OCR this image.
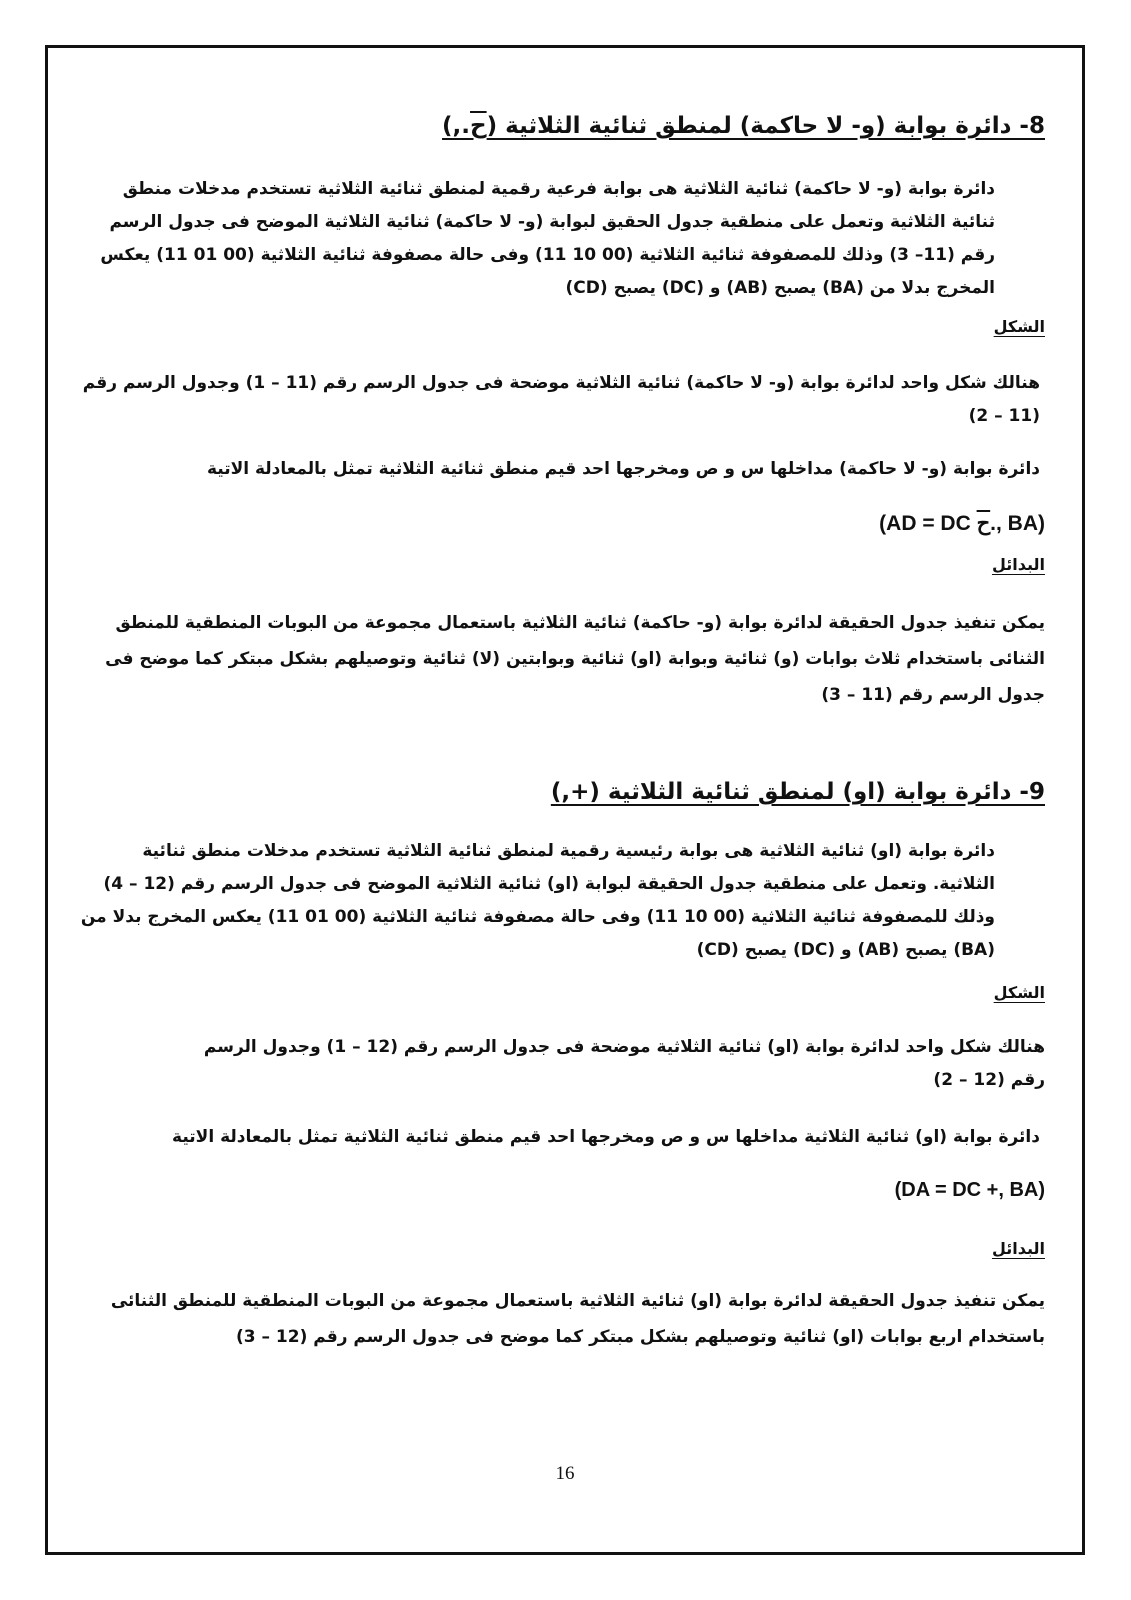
8- دائرة بوابة (و- لا حاكمة) لمنطق ثنائية الثلاثية (ح.,)

دائرة بوابة (و- لا حاكمة) ثنائية الثلاثية هى بوابة فرعية رقمية لمنطق ثنائية الثلاثية تستخدم مدخلات منطق ثنائية الثلاثية وتعمل على منطقية جدول الحقيق لبوابة (و- لا حاكمة) ثنائية الثلاثية الموضح فى جدول الرسم رقم (11– 3) وذلك للمصفوفة ثنائية الثلاثية (00 10 11) وفى حالة مصفوفة ثنائية الثلاثية (00 01 11) يعكس المخرج بدلا من (BA) يصبح (AB) و (DC) يصبح (CD)

الشكل

هنالك شكل واحد لدائرة بوابة (و- لا حاكمة) ثنائية الثلاثية موضحة فى جدول الرسم رقم (11 – 1) وجدول الرسم رقم (11 – 2)

دائرة بوابة (و- لا حاكمة) مداخلها س و ص ومخرجها احد قيم منطق ثنائية الثلاثية تمثل بالمعادلة الاتية

(AD = DC ح., BA)
البدائل

يمكن تنفيذ جدول الحقيقة لدائرة بوابة (و- حاكمة) ثنائية الثلاثية باستعمال مجموعة من البوبات المنطقية للمنطق الثنائى باستخدام ثلاث بوابات (و) ثنائية وبوابة (او) ثنائية وبوابتين (لا) ثنائية وتوصيلهم بشكل مبتكر كما موضح فى جدول الرسم رقم (11 – 3)

9- دائرة بوابة (او) لمنطق ثنائية الثلاثية (+,)

دائرة بوابة (او) ثنائية الثلاثية هى بوابة رئيسية رقمية لمنطق ثنائية الثلاثية تستخدم مدخلات منطق ثنائية الثلاثية. وتعمل على منطقية جدول الحقيقة لبوابة (او) ثنائية الثلاثية الموضح فى جدول الرسم رقم (12 – 4) وذلك للمصفوفة ثنائية الثلاثية (00 10 11) وفى حالة مصفوفة ثنائية الثلاثية (00 01 11) يعكس المخرج بدلا من (BA) يصبح (AB) و (DC) يصبح (CD)

الشكل

هنالك شكل واحد لدائرة بوابة (او) ثنائية الثلاثية موضحة فى جدول الرسم رقم (12 – 1) وجدول الرسم رقم (12 – 2)

دائرة بوابة (او) ثنائية الثلاثية مداخلها س و ص ومخرجها احد قيم منطق ثنائية الثلاثية تمثل بالمعادلة الاتية

(DA = DC +, BA)
البدائل

يمكن تنفيذ جدول الحقيقة لدائرة بوابة (او) ثنائية الثلاثية باستعمال مجموعة من البوبات المنطقية للمنطق الثنائى باستخدام اربع بوابات (او) ثنائية وتوصيلهم بشكل مبتكر كما موضح فى جدول الرسم رقم (12 – 3)

16
